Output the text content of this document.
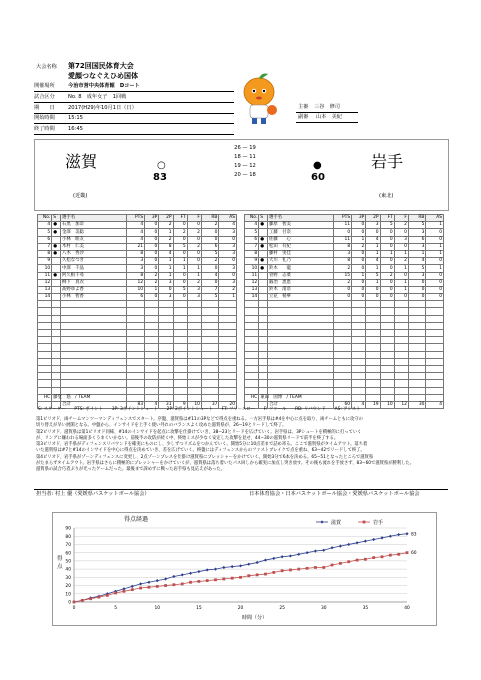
大会名称 第72回国民体育大会
愛顔つなぐえひめ国体
開催場所	今治市営中央体育館　Dコート
試合区分	No. 8　成年女子　1回戦
期　　日	2017(H29)年10月1日（日）
開始時間	15:15
終了時間	16:45
主審 三谷　修司
副審 山本　美紀
滋賀
(近畿)
○
83
26 — 19
18 — 11
19 — 12
20 — 18
●
60
岩手
(東北)
No.	S	選手名	PTS	3P	2P	FT	F	RB	AS
4	●	石黒　加奈	4	0	2	0	0	2	4
5	●	金澤　美聡	4	0	1	2	2	0	3
6		小林　睦友	4	0	2	0	0	0	0
7	●	木村　仁美	21	0	8	5	2	6	3
8	●	八木　秀沙	8	0	4	0	0	5	3
9		久松なつき	3	0	1	1	0	2	0
10		中澤　千晶	3	0	1	1	1	0	3
11	●	阿久根千尋	8	2	1	0	1	4	0
12		柳下　真衣	12	2	3	0	2	0	3
13		髙野ゆよ香	10	1	0	5	3	7	2
14		小林　智香	6	0	3	0	3	5	1

HC	藤堂　悠　/ TEAM								
		合計	83	4	31	9	10	37	20
No.	S	選手名	PTS	3P	2P	FT	F	RB	AS
4	●	藤原　智美	11	0	3	5	2	5	1
5		工藤　甘奈	0	0	0	0	0	3	0
6	●	佐藤　　心	11	1	4	0	3	6	0
7	●	松田　有紀	8	2	1	0	0	3	1
8		藤村　実佳	3	0	1	1	1	1	1
9	●	大川　礼乃	8	0	4	0	2	4	0
10	●	鈴木　　龍	2	0	1	0	1	5	1
11		菅野　志菜	15	1	5	2	0	3	0
12		鍛冶　恵恵	2	0	1	0	1	0	0
13		鈴木　渚奈	0	0	0	0	1	0	0
14		立花　稜華	0	0	0	0	0	0	0

HC	東田　国博　/ TEAM								
		合計	60	4	19	10	12	30	4
S: スターター　　PTS: ポイント　　3P: 3ポイントシュート　　2P: 2ポイントシュート　　FT: フリースロー　　F: ファール　　RB: リバウンド　　AS: アシスト
第1ピリオド、両チームマンツーマンディフェンスでスタート。序盤、滋賀県は#11の3Pなどで得点を重ねる。一方岩手県は#4を中心に点を取り、両チームともに攻守の
切り替えが早い展開となる。中盤から、インサイドを上手く使い外れのバランスよく攻めた滋賀県が、26−19とリードして終了。
第2ピリオド、滋賀県は第1ピリオド同様、#14のインサイドを起点に攻撃を仕掛けていき、38−23とリードを広げていく。岩手県は、3Pシュートを積極的に打っていく
が、リングに嫌われる場面多くうまくいかない。前後半の攻防が続く中、終始ミスが少なく安定した攻撃を見せ、44−30の滋賀県リードで前半を終了する。
第3ピリオド、岩手県がディフェンスリバウンドを確実にものにし、少しずつリズムをつかんでいく。開始5分に10点差まで詰め寄る。ここで滋賀県がタイムアウト。落ち着
いた滋賀県は#7と#14のインサイドを中心に得点を決めていき、差を広げていく。終盤にはディフェンスからのファストブレイクで点を重ね、63−42でリードして終了。
第4ピリオド、岩手県がゾーンディフェンスに変更し、2点ゾーンプレスを仕掛け滋賀県にプレッシャーをかけていく。開始3分で6本を決める。65−51となったところで滋賀県
がたまらずタイムアウト。岩手県はさらに積極的にプレッシャーをかけていくが、滋賀県は落ち着いたパス回しから確実に加点し突き放す。その後も流れを手放さず、83−60で滋賀県が勝利した。
滋賀県の試合巧者ぶりが光ったゲームだった。最後まで諦めずに戦った岩手県も見応えがあった。
担当者: 村上 優（愛媛県バスケットボール協会）	日本体育協会・日本バスケットボール協会・愛媛県バスケットボール協会
得点経過
得点
時間（分）
0
10
20
30
40
50
60
70
80
90
0	5	10	15	20	25	30	35	40
83
60
滋賀	岩手
